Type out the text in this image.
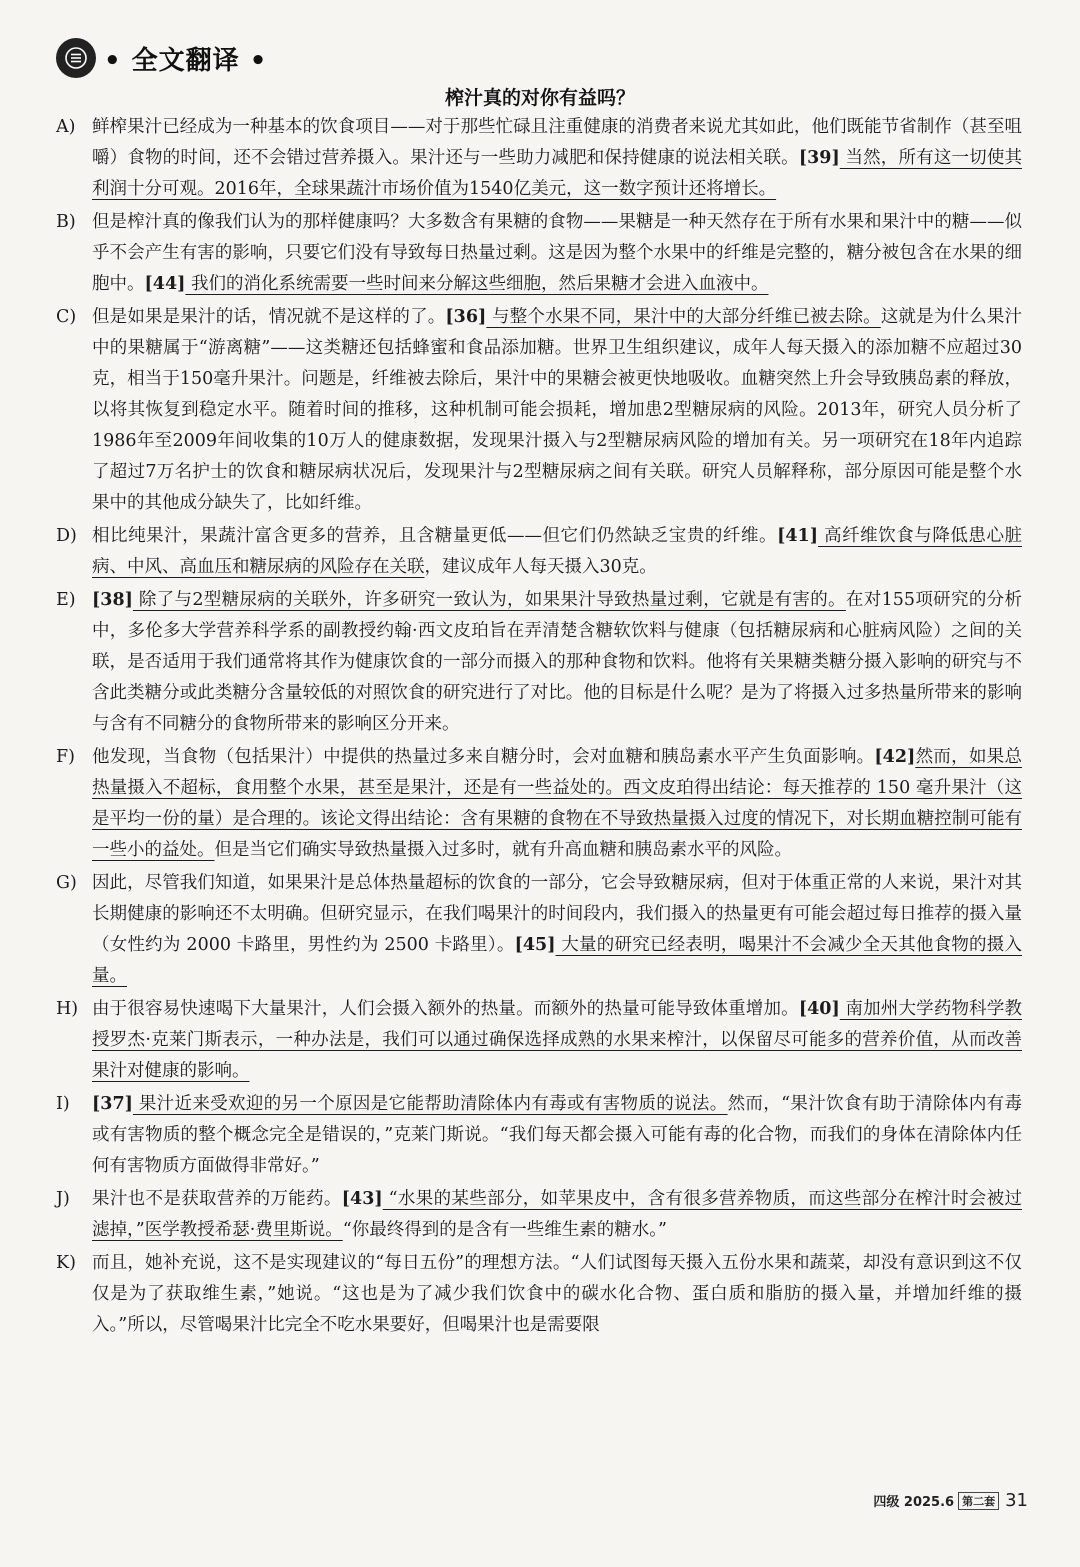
• 全文翻译 •
榨汁真的对你有益吗？
A) 鲜榨果汁已经成为一种基本的饮食项目——对于那些忙碌且注重健康的消费者来说尤其如此，他们既能节省制作（甚至咀嚼）食物的时间，还不会错过营养摄入。果汁还与一些助力减肥和保持健康的说法相关联。[39] 当然，所有这一切使其利润十分可观。2016年，全球果蔬汁市场价值为1540亿美元，这一数字预计还将增长。
B) 但是榨汁真的像我们认为的那样健康吗？大多数含有果糖的食物——果糖是一种天然存在于所有水果和果汁中的糖——似乎不会产生有害的影响，只要它们没有导致每日热量过剩。这是因为整个水果中的纤维是完整的，糖分被包含在水果的细胞中。[44] 我们的消化系统需要一些时间来分解这些细胞，然后果糖才会进入血液中。
C) 但是如果是果汁的话，情况就不是这样的了。[36] 与整个水果不同，果汁中的大部分纤维已被去除。这就是为什么果汁中的果糖属于“游离糖”——这类糖还包括蜂蜜和食品添加糖。世界卫生组织建议，成年人每天摄入的添加糖不应超过30克，相当于150毫升果汁。问题是，纤维被去除后，果汁中的果糖会被更快地吸收。血糖突然上升会导致胰岛素的释放，以将其恢复到稳定水平。随着时间的推移，这种机制可能会损耗，增加患2型糖尿病的风险。2013年，研究人员分析了1986年至2009年间收集的10万人的健康数据，发现果汁摄入与2型糖尿病风险的增加有关。另一项研究在18年内追踪了超过7万名护士的饮食和糖尿病状况后，发现果汁与2型糖尿病之间有关联。研究人员解释称，部分原因可能是整个水果中的其他成分缺失了，比如纤维。
D) 相比纯果汁，果蔬汁富含更多的营养，且含糖量更低——但它们仍然缺乏宝贵的纤维。[41] 高纤维饮食与降低患心脏病、中风、高血压和糖尿病的风险存在关联，建议成年人每天摄入30克。
E) [38] 除了与2型糖尿病的关联外，许多研究一致认为，如果果汁导致热量过剩，它就是有害的。在对155项研究的分析中，多伦多大学营养科学系的副教授约翰·西文皮珀旨在弄清楚含糖软饮料与健康（包括糖尿病和心脏病风险）之间的关联，是否适用于我们通常将其作为健康饮食的一部分而摄入的那种食物和饮料。他将有关果糖类糖分摄入影响的研究与不含此类糖分或此类糖分含量较低的对照饮食的研究进行了对比。他的目标是什么呢？是为了将摄入过多热量所带来的影响与含有不同糖分的食物所带来的影响区分开来。
F) 他发现，当食物（包括果汁）中提供的热量过多来自糖分时，会对血糖和胰岛素水平产生负面影响。[42]然而，如果总热量摄入不超标，食用整个水果，甚至是果汁，还是有一些益处的。西文皮珀得出结论：每天推荐的 150 毫升果汁（这是平均一份的量）是合理的。该论文得出结论：含有果糖的食物在不导致热量摄入过度的情况下，对长期血糖控制可能有一些小的益处。但是当它们确实导致热量摄入过多时，就有升高血糖和胰岛素水平的风险。
G) 因此，尽管我们知道，如果果汁是总体热量超标的饮食的一部分，它会导致糖尿病，但对于体重正常的人来说，果汁对其长期健康的影响还不太明确。但研究显示，在我们喝果汁的时间段内，我们摄入的热量更有可能会超过每日推荐的摄入量（女性约为 2000 卡路里，男性约为 2500 卡路里）。[45] 大量的研究已经表明，喝果汁不会减少全天其他食物的摄入量。
H) 由于很容易快速喝下大量果汁，人们会摄入额外的热量。而额外的热量可能导致体重增加。[40] 南加州大学药物科学教授罗杰·克莱门斯表示，一种办法是，我们可以通过确保选择成熟的水果来榨汁，以保留尽可能多的营养价值，从而改善果汁对健康的影响。
I)	[37] 果汁近来受欢迎的另一个原因是它能帮助清除体内有毒或有害物质的说法。然而，“果汁饮食有助于清除体内有毒或有害物质的整个概念完全是错误的，”克莱门斯说。“我们每天都会摄入可能有毒的化合物，而我们的身体在清除体内任何有害物质方面做得非常好。”
J)	果汁也不是获取营养的万能药。[43] “水果的某些部分，如苹果皮中，含有很多营养物质，而这些部分在榨汁时会被过滤掉，”医学教授希瑟·费里斯说。“你最终得到的是含有一些维生素的糖水。”
K) 而且，她补充说，这不是实现建议的“每日五份”的理想方法。“人们试图每天摄入五份水果和蔬菜，却没有意识到这不仅仅是为了获取维生素，”她说。“这也是为了减少我们饮食中的碳水化合物、蛋白质和脂肪的摄入量，并增加纤维的摄入。”所以，尽管喝果汁比完全不吃水果要好，但喝果汁也是需要限
四级 2025.6 第二套 31
